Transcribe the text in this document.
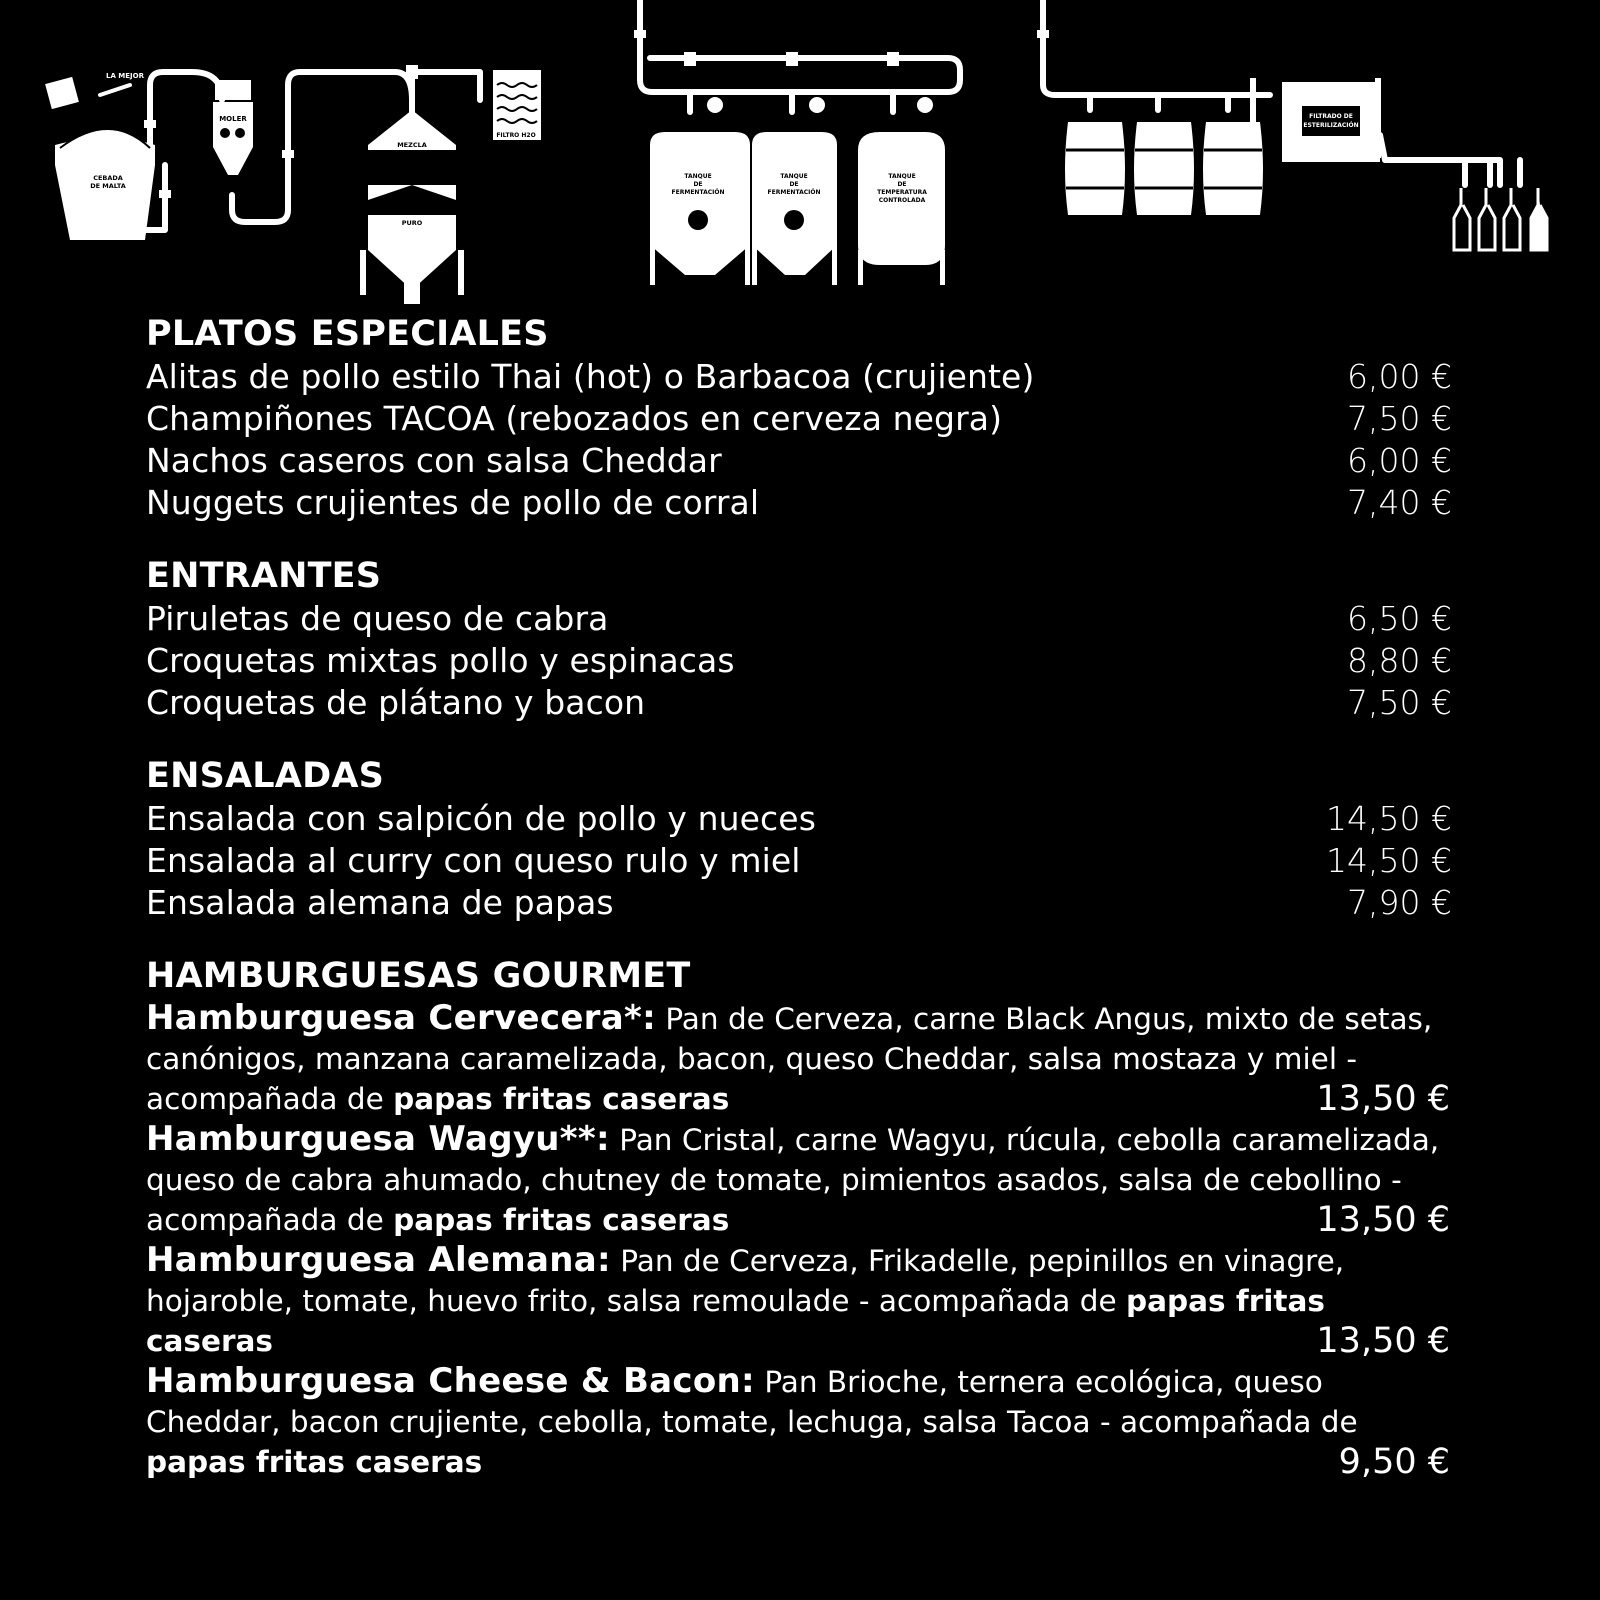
CEBADA
DE MALTA
LA MEJOR
MOLER
FILTRO H2O
MEZCLA
PURO
TANQUE
DE
FERMENTACIÓN
TANQUE
DE
FERMENTACIÓN
TANQUE
DE
TEMPERATURA
CONTROLADA
FILTRADO DE
ESTERILIZACIÓN
PLATOS ESPECIALES
Alitas de pollo estilo Thai (hot) o Barbacoa (crujiente)	6,00 €
Champiñones TACOA (rebozados en cerveza negra)	7,50 €
Nachos caseros con salsa Cheddar	6,00 €
Nuggets crujientes de pollo de corral	7,40 €
ENTRANTES
Piruletas de queso de cabra	6,50 €
Croquetas mixtas pollo y espinacas	8,80 €
Croquetas de plátano y bacon	7,50 €
ENSALADAS
Ensalada con salpicón de pollo y nueces	14,50 €
Ensalada al curry con queso rulo y miel	14,50 €
Ensalada alemana de papas	7,90 €
HAMBURGUESAS GOURMET

Hamburguesa Cervecera*: Pan de Cerveza, carne Black Angus, mixto de setas, canónigos, manzana caramelizada, bacon, queso Cheddar, salsa mostaza y miel - acompañada de papas fritas caseras	13,50 €

Hamburguesa Wagyu**: Pan Cristal, carne Wagyu, rúcula, cebolla caramelizada, queso de cabra ahumado, chutney de tomate, pimientos asados, salsa de cebollino - acompañada de papas fritas caseras	13,50 €

Hamburguesa Alemana: Pan de Cerveza, Frikadelle, pepinillos en vinagre, hojaroble, tomate, huevo frito, salsa remoulade - acompañada de papas fritas caseras	13,50 €

Hamburguesa Cheese & Bacon: Pan Brioche, ternera ecológica, queso Cheddar, bacon crujiente, cebolla, tomate, lechuga, salsa Tacoa - acompañada de papas fritas caseras	9,50 €
